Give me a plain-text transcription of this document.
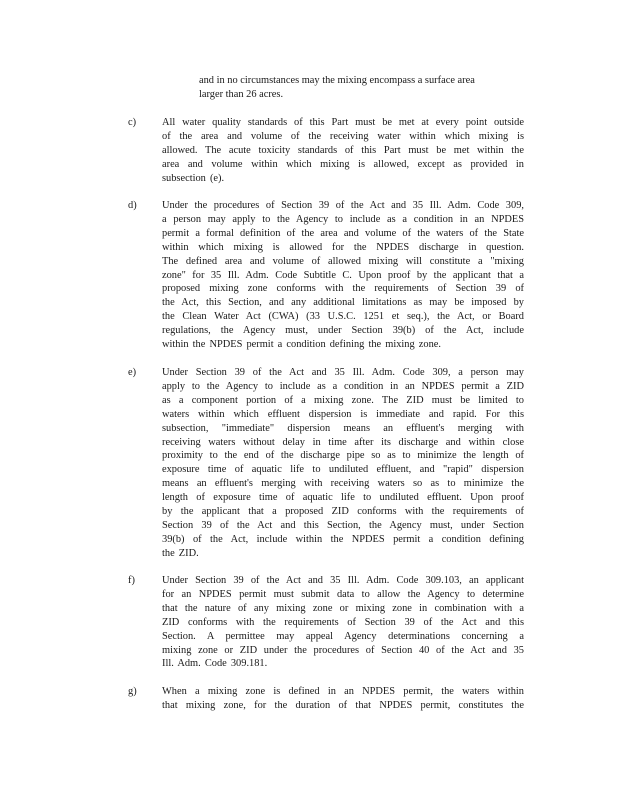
and in no circumstances may the mixing encompass a surface area

larger than 26 acres.

c) All water quality standards of this Part must be met at every point outside

of the area and volume of the receiving water within which mixing is

allowed. The acute toxicity standards of this Part must be met within the

area and volume within which mixing is allowed, except as provided in

subsection (e).

d) Under the procedures of Section 39 of the Act and 35 Ill. Adm. Code 309,

a person may apply to the Agency to include as a condition in an NPDES

permit a formal definition of the area and volume of the waters of the State

within which mixing is allowed for the NPDES discharge in question.

The defined area and volume of allowed mixing will constitute a "mixing

zone" for 35 Ill. Adm. Code Subtitle C. Upon proof by the applicant that a

proposed mixing zone conforms with the requirements of Section 39 of

the Act, this Section, and any additional limitations as may be imposed by

the Clean Water Act (CWA) (33 U.S.C. 1251 et seq.), the Act, or Board

regulations, the Agency must, under Section 39(b) of the Act, include

within the NPDES permit a condition defining the mixing zone.

e) Under Section 39 of the Act and 35 Ill. Adm. Code 309, a person may

apply to the Agency to include as a condition in an NPDES permit a ZID

as a component portion of a mixing zone. The ZID must be limited to

waters within which effluent dispersion is immediate and rapid. For this

subsection, "immediate" dispersion means an effluent's merging with

receiving waters without delay in time after its discharge and within close

proximity to the end of the discharge pipe so as to minimize the length of

exposure time of aquatic life to undiluted effluent, and "rapid" dispersion

means an effluent's merging with receiving waters so as to minimize the

length of exposure time of aquatic life to undiluted effluent. Upon proof

by the applicant that a proposed ZID conforms with the requirements of

Section 39 of the Act and this Section, the Agency must, under Section

39(b) of the Act, include within the NPDES permit a condition defining

the ZID.

f)	Under Section 39 of the Act and 35 Ill. Adm. Code 309.103, an applicant

for an NPDES permit must submit data to allow the Agency to determine

that the nature of any mixing zone or mixing zone in combination with a

ZID conforms with the requirements of Section 39 of the Act and this

Section. A permittee may appeal Agency determinations concerning a

mixing zone or ZID under the procedures of Section 40 of the Act and 35

Ill. Adm. Code 309.181.

g) When a mixing zone is defined in an NPDES permit, the waters within

that mixing zone, for the duration of that NPDES permit, constitutes the
